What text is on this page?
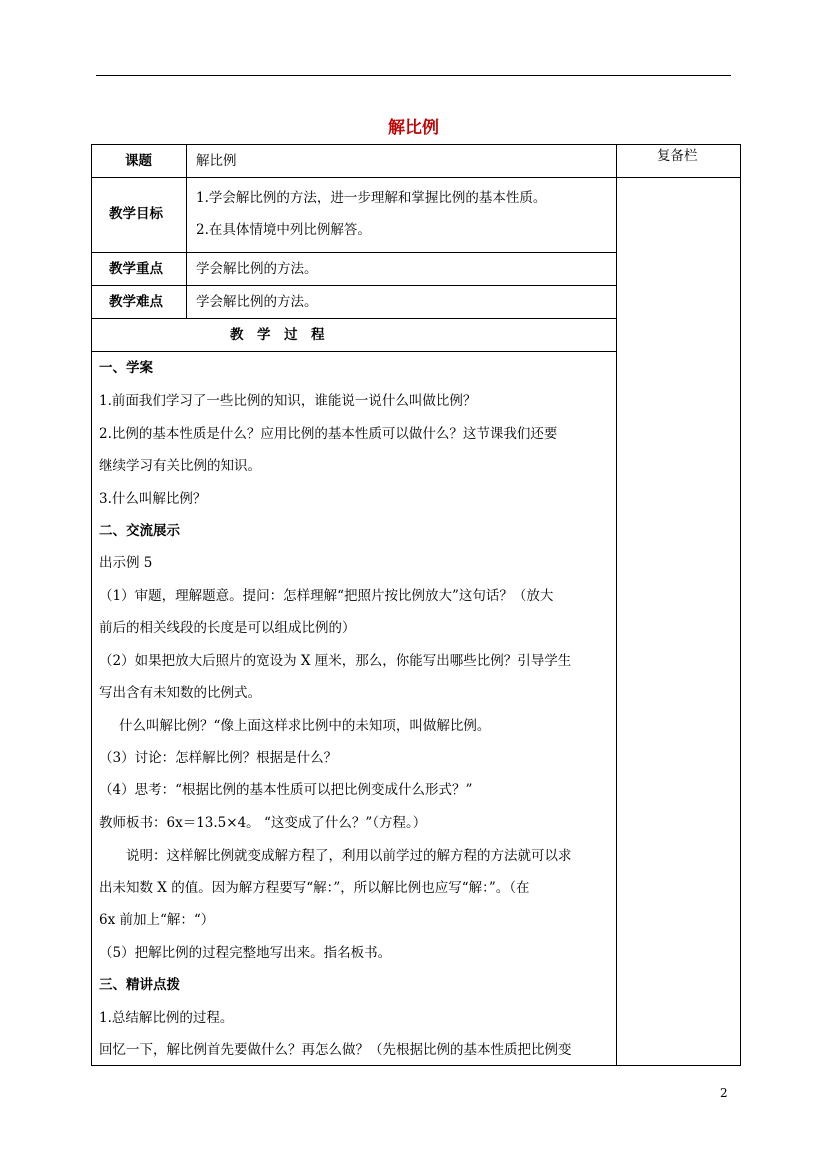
解比例
复备栏
课题	解比例
教学目标
1.学会解比例的方法，进一步理解和掌握比例的基本性质。
2.在具体情境中列比例解答。
教学重点 学会解比例的方法。
教学难点 学会解比例的方法。
教　学　过　程
一、学案
1.前面我们学习了一些比例的知识，谁能说一说什么叫做比例？
2.比例的基本性质是什么？应用比例的基本性质可以做什么？这节课我们还要
继续学习有关比例的知识。
3.什么叫解比例？
二、交流展示
出示例 5
（1）审题，理解题意。提问：怎样理解“把照片按比例放大”这句话？（放大
前后的相关线段的长度是可以组成比例的）
（2）如果把放大后照片的宽设为 X 厘米，那么，你能写出哪些比例？引导学生
写出含有未知数的比例式。
什么叫解比例？“像上面这样求比例中的未知项，叫做解比例。
（3）讨论：怎样解比例？根据是什么？
（4）思考：“根据比例的基本性质可以把比例变成什么形式？”
教师板书：6x＝13.5×4。 “这变成了什么？”（方程。）
说明：这样解比例就变成解方程了，利用以前学过的解方程的方法就可以求
出未知数 X 的值。因为解方程要写“解：”，所以解比例也应写“解：”。（在
6x 前加上“解：“）
（5）把解比例的过程完整地写出来。指名板书。
三、精讲点拨
1.总结解比例的过程。
回忆一下，解比例首先要做什么？再怎么做？（先根据比例的基本性质把比例变
2
